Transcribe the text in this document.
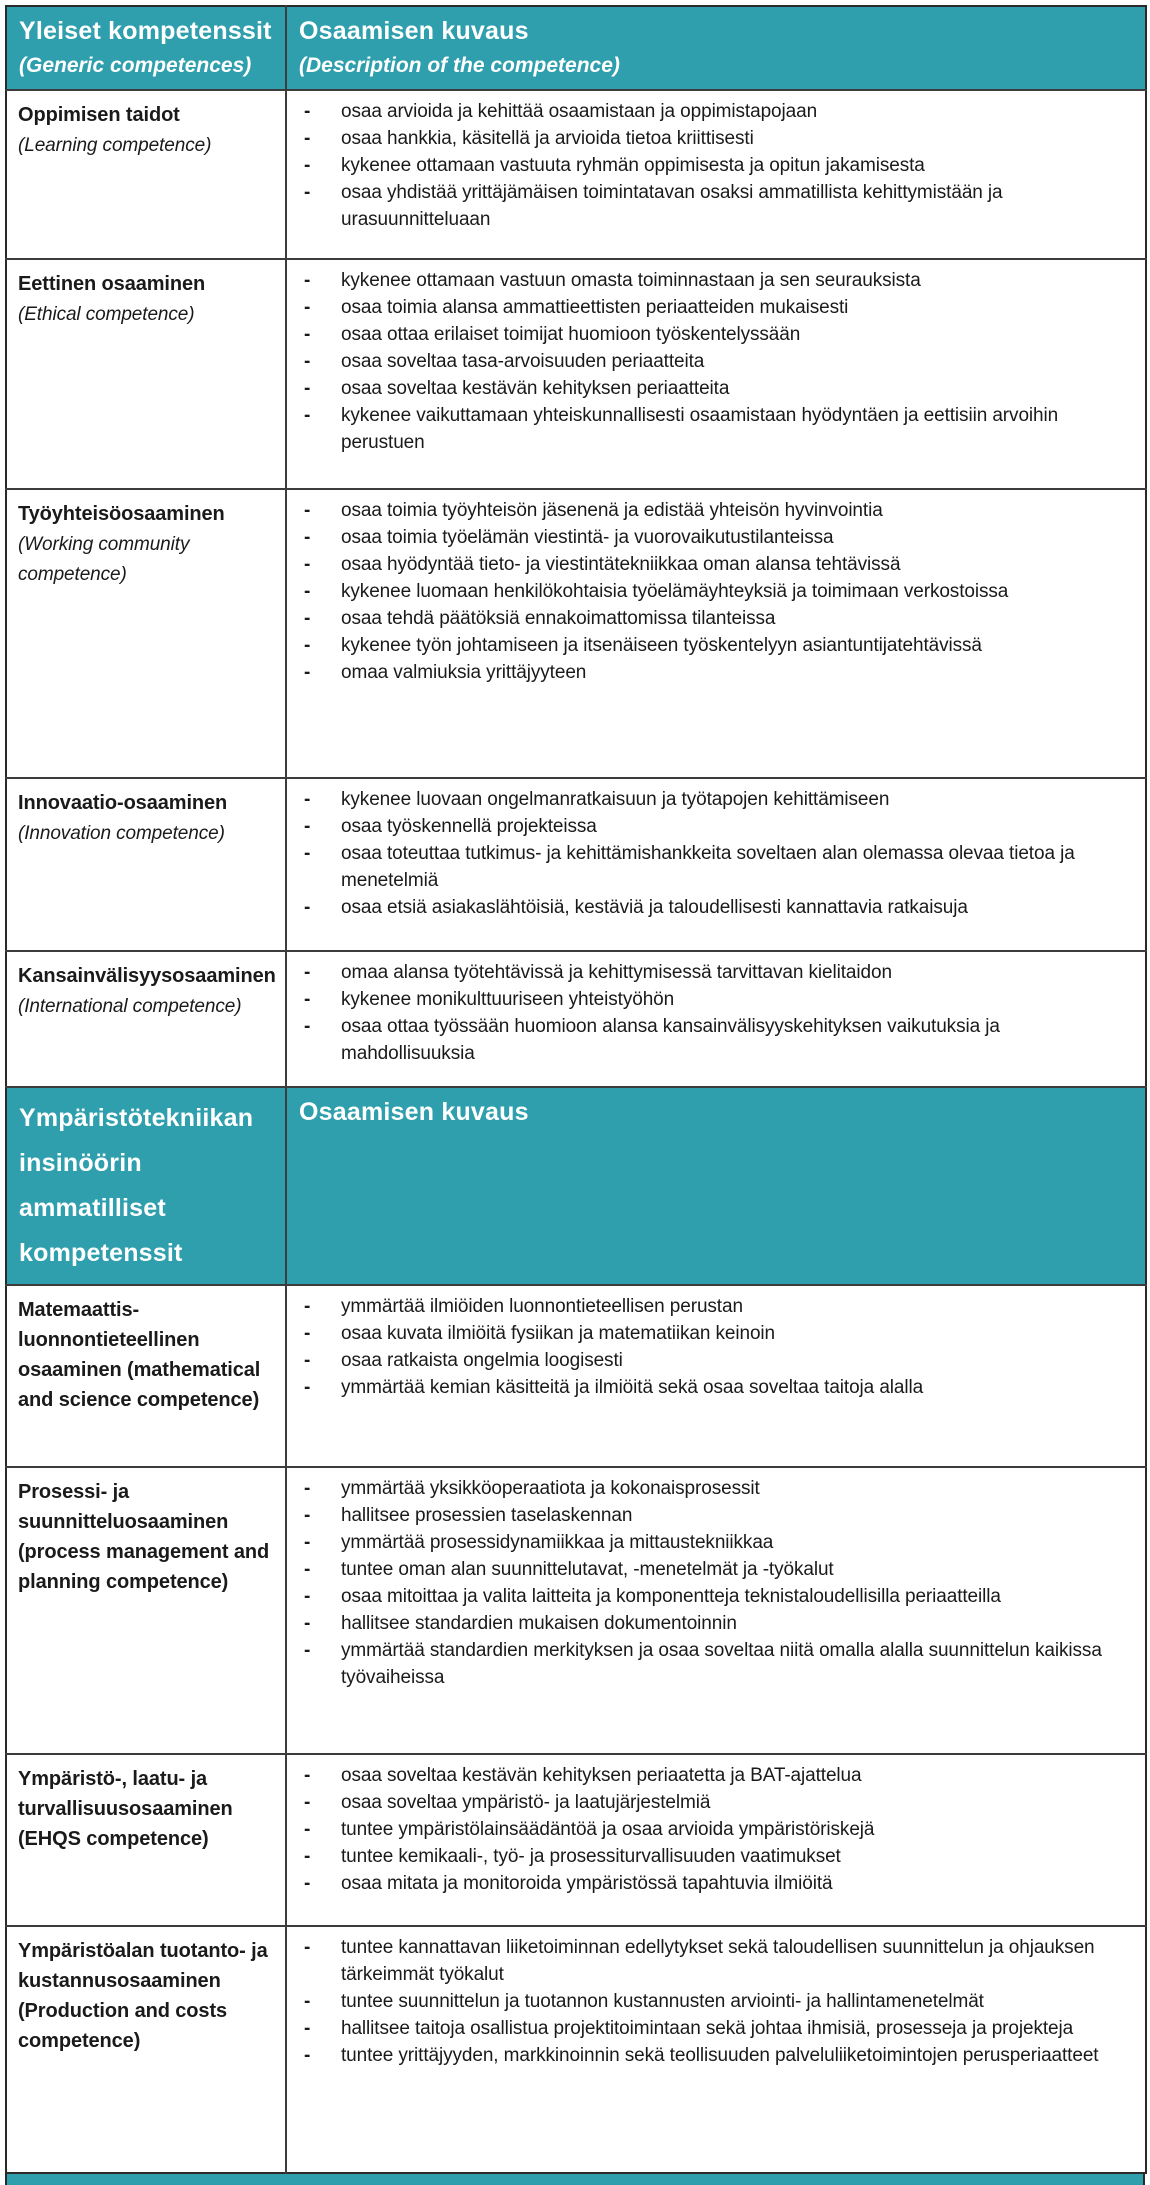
Yleiset kompetenssit
(Generic competences)

Osaamisen kuvaus
(Description of the competence)

Oppimisen taidot
(Learning competence)

-	osaa arvioida ja kehittää osaamistaan ja oppimistapojaan
-	osaa hankkia, käsitellä ja arvioida tietoa kriittisesti
-	kykenee ottamaan vastuuta ryhmän oppimisesta ja opitun jakamisesta
-	osaa yhdistää yrittäjämäisen toimintatavan osaksi ammatillista kehittymistään ja urasuunnitteluaan

Eettinen osaaminen
(Ethical competence)

-	kykenee ottamaan vastuun omasta toiminnastaan ja sen seurauksista
-	osaa toimia alansa ammattieettisten periaatteiden mukaisesti
-	osaa ottaa erilaiset toimijat huomioon työskentelyssään
-	osaa soveltaa tasa-arvoisuuden periaatteita
-	osaa soveltaa kestävän kehityksen periaatteita
-	kykenee vaikuttamaan yhteiskunnallisesti osaamistaan hyödyntäen ja eettisiin arvoihin perustuen

Työyhteisöosaaminen
(Working community competence)

-	osaa toimia työyhteisön jäsenenä ja edistää yhteisön hyvinvointia
-	osaa toimia työelämän viestintä- ja vuorovaikutustilanteissa
-	osaa hyödyntää tieto- ja viestintätekniikkaa oman alansa tehtävissä
-	kykenee luomaan henkilökohtaisia työelämäyhteyksiä ja toimimaan verkostoissa
-	osaa tehdä päätöksiä ennakoimattomissa tilanteissa
-	kykenee työn johtamiseen ja itsenäiseen työskentelyyn asiantuntijatehtävissä
-	omaa valmiuksia yrittäjyyteen

Innovaatio-osaaminen
(Innovation competence)

-	kykenee luovaan ongelmanratkaisuun ja työtapojen kehittämiseen
-	osaa työskennellä projekteissa
-	osaa toteuttaa tutkimus- ja kehittämishankkeita soveltaen alan olemassa olevaa tietoa ja menetelmiä
-	osaa etsiä asiakaslähtöisiä, kestäviä ja taloudellisesti kannattavia ratkaisuja

Kansainvälisyysosaaminen
(International competence)

-	omaa alansa työtehtävissä ja kehittymisessä tarvittavan kielitaidon
-	kykenee monikulttuuriseen yhteistyöhön
-	osaa ottaa työssään huomioon alansa kansainvälisyyskehityksen vaikutuksia ja mahdollisuuksia

Ympäristötekniikan insinöörin ammatilliset kompetenssit	Osaamisen kuvaus

Matemaattis-luonnontieteellinen osaaminen (mathematical and science competence)

-	ymmärtää ilmiöiden luonnontieteellisen perustan
-	osaa kuvata ilmiöitä fysiikan ja matematiikan keinoin
-	osaa ratkaista ongelmia loogisesti
-	ymmärtää kemian käsitteitä ja ilmiöitä sekä osaa soveltaa taitoja alalla

Prosessi- ja suunnitteluosaaminen (process management and planning competence)

-	ymmärtää yksikköoperaatiota ja kokonaisprosessit
-	hallitsee prosessien taselaskennan
-	ymmärtää prosessidynamiikkaa ja mittaustekniikkaa
-	tuntee oman alan suunnittelutavat, -menetelmät ja -työkalut
-	osaa mitoittaa ja valita laitteita ja komponentteja teknistaloudellisilla periaatteilla
-	hallitsee standardien mukaisen dokumentoinnin
-	ymmärtää standardien merkityksen ja osaa soveltaa niitä omalla alalla suunnittelun kaikissa työvaiheissa

Ympäristö-, laatu- ja turvallisuusosaaminen (EHQS competence)

-	osaa soveltaa kestävän kehityksen periaatetta ja BAT-ajattelua
-	osaa soveltaa ympäristö- ja laatujärjestelmiä
-	tuntee ympäristölainsäädäntöä ja osaa arvioida ympäristöriskejä
-	tuntee kemikaali-, työ- ja prosessiturvallisuuden vaatimukset
-	osaa mitata ja monitoroida ympäristössä tapahtuvia ilmiöitä

Ympäristöalan tuotanto- ja kustannusosaaminen (Production and costs competence)

-	tuntee kannattavan liiketoiminnan edellytykset sekä taloudellisen suunnittelun ja ohjauksen tärkeimmät työkalut
-	tuntee suunnittelun ja tuotannon kustannusten arviointi- ja hallintamenetelmät
-	hallitsee taitoja osallistua projektitoimintaan sekä johtaa ihmisiä, prosesseja ja projekteja
-	tuntee yrittäjyyden, markkinoinnin sekä teollisuuden palveluliiketoimintojen perusperiaatteet
